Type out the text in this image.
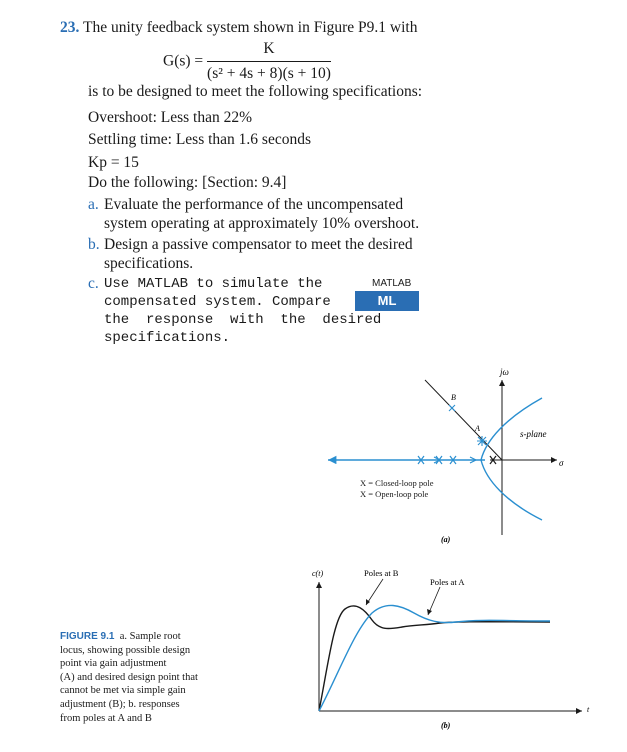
23. The unity feedback system shown in Figure P9.1 with
$G(s) = \frac{K}{\text{(s² + 4s + 8)(s + 10)}}$
is to be designed to meet the following specifications:
Overshoot: Less than 22%
Settling time: Less than 1.6 seconds
Kp = 15
Do the following: [Section: 9.4]
a. Evaluate the performance of the uncompensated
system operating at approximately 10% overshoot.
b. Design a passive compensator to meet the desired
specifications.
c. Use MATLAB to simulate the
compensated system. Compare
the  response  with  the  desired
specifications.
MATLAB
ML
A
B
jω
σ
s-plane
X = Closed-loop pole
X = Open-loop pole
(a)
c(t)
t
Poles at B
Poles at A
(b)
FIGURE 9.1 a. Sample root
locus, showing possible design
point via gain adjustment
(A) and desired design point that
cannot be met via simple gain
adjustment (B); b. responses
from poles at A and B
